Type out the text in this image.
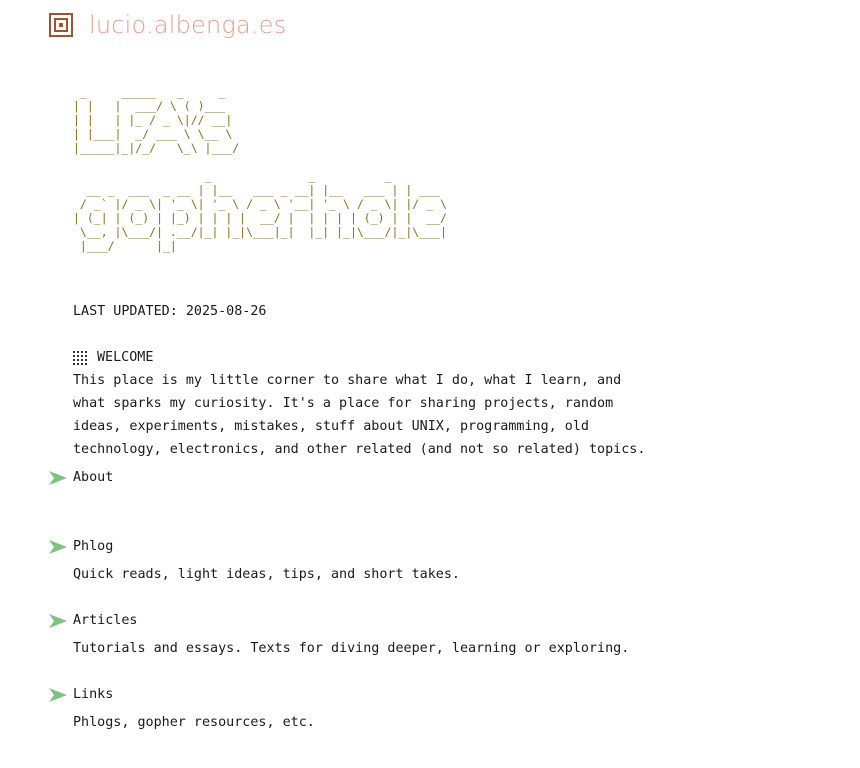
lucio.albenga.es
_     _____   _     _
| |   |  ___/ \ ( )___
| |   | |_ / _ \|// __|
| |___|  _/ ___ \ \__ \
|_____|_|/_/   \_\ |___/
_              _          _
__ _  ___  _ __ | |__   ___ _ __| |__   ___ | | ___
/ _` |/ _ \| '_ \| '_ \ / _ \ '__| '_ \ / _ \| |/ _ \
| (_| | (_) | |_) | | | |  __/ |  | | | | (_) | |  __/
\__, |\___/| .__/|_| |_|\___|_|  |_| |_|\___/|_|\___|
|___/      |_|
LAST UPDATED: 2025-08-26
WELCOME
This place is my little corner to share what I do, what I learn, and
what sparks my curiosity. It's a place for sharing projects, random
ideas, experiments, mistakes, stuff about UNIX, programming, old
technology, electronics, and other related (and not so related) topics.
About
Phlog
Quick reads, light ideas, tips, and short takes.
Articles
Tutorials and essays. Texts for diving deeper, learning or exploring.
Links
Phlogs, gopher resources, etc.
